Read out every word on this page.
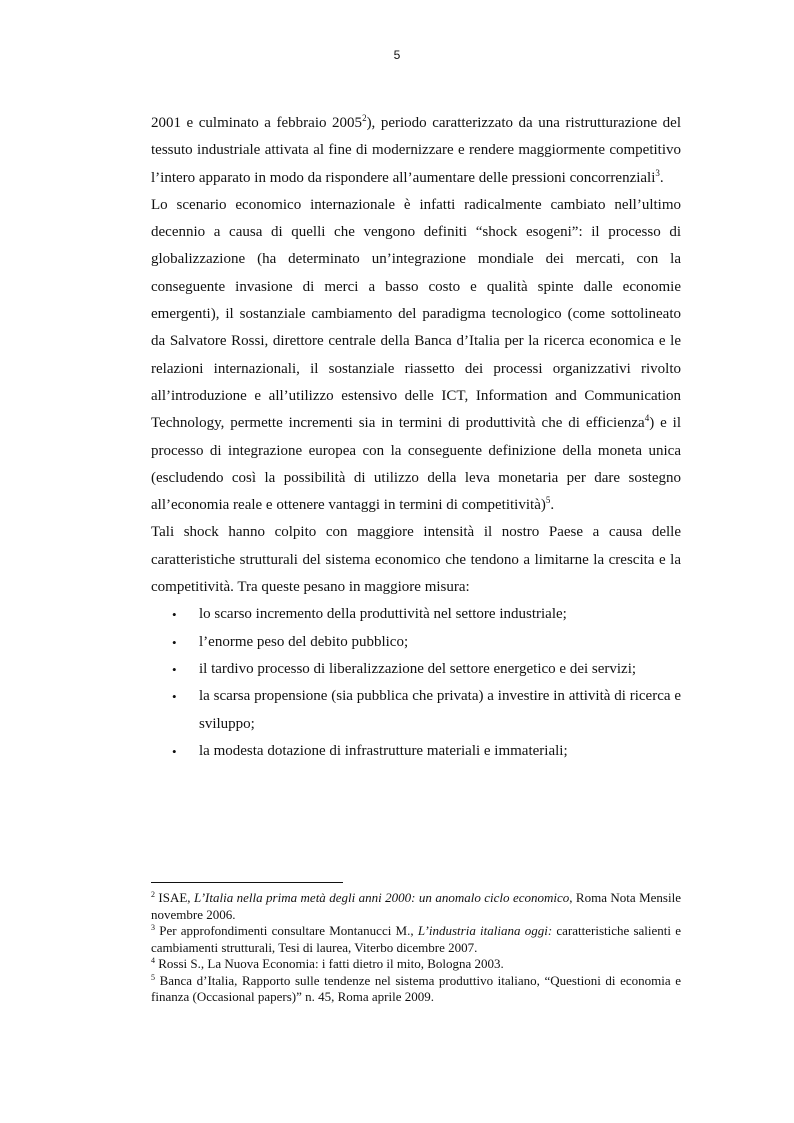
5

2001 e culminato a febbraio 2005$^2$), periodo caratterizzato da una ristrutturazione del tessuto industriale attivata al fine di modernizzare e rendere maggiormente competitivo l’intero apparato in modo da rispondere all’aumentare delle pressioni concorrenziali$^3$.

Lo scenario economico internazionale è infatti radicalmente cambiato nell’ultimo decennio a causa di quelli che vengono definiti “shock esogeni”: il processo di globalizzazione (ha determinato un’integrazione mondiale dei mercati, con la conseguente invasione di merci a basso costo e qualità spinte dalle economie emergenti), il sostanziale cambiamento del paradigma tecnologico (come sottolineato da Salvatore Rossi, direttore centrale della Banca d’Italia per la ricerca economica e le relazioni internazionali, il sostanziale riassetto dei processi organizzativi rivolto all’introduzione e all’utilizzo estensivo delle ICT, Information and Communication Technology, permette incrementi sia in termini di produttività che di efficienza$^4$) e il processo di integrazione europea con la conseguente definizione della moneta unica (escludendo così la possibilità di utilizzo della leva monetaria per dare sostegno all’economia reale e ottenere vantaggi in termini di competitività)$^5$.

Tali shock hanno colpito con maggiore intensità il nostro Paese a causa delle caratteristiche strutturali del sistema economico che tendono a limitarne la crescita e la competitività. Tra queste pesano in maggiore misura:

• lo scarso incremento della produttività nel settore industriale;
• l’enorme peso del debito pubblico;
• il tardivo processo di liberalizzazione del settore energetico e dei servizi;
• la scarsa propensione (sia pubblica che privata) a investire in attività di ricerca e sviluppo;
• la modesta dotazione di infrastrutture materiali e immateriali;

$^2$ ISAE, L’Italia nella prima metà degli anni 2000: un anomalo ciclo economico, Roma Nota Mensile novembre 2006.

$^3$ Per approfondimenti consultare Montanucci M., L’industria italiana oggi: caratteristiche salienti e cambiamenti strutturali, Tesi di laurea, Viterbo dicembre 2007.

$^4$ Rossi S., La Nuova Economia: i fatti dietro il mito, Bologna 2003.

$^5$ Banca d’Italia, Rapporto sulle tendenze nel sistema produttivo italiano, “Questioni di economia e finanza (Occasional papers)” n. 45, Roma aprile 2009.
